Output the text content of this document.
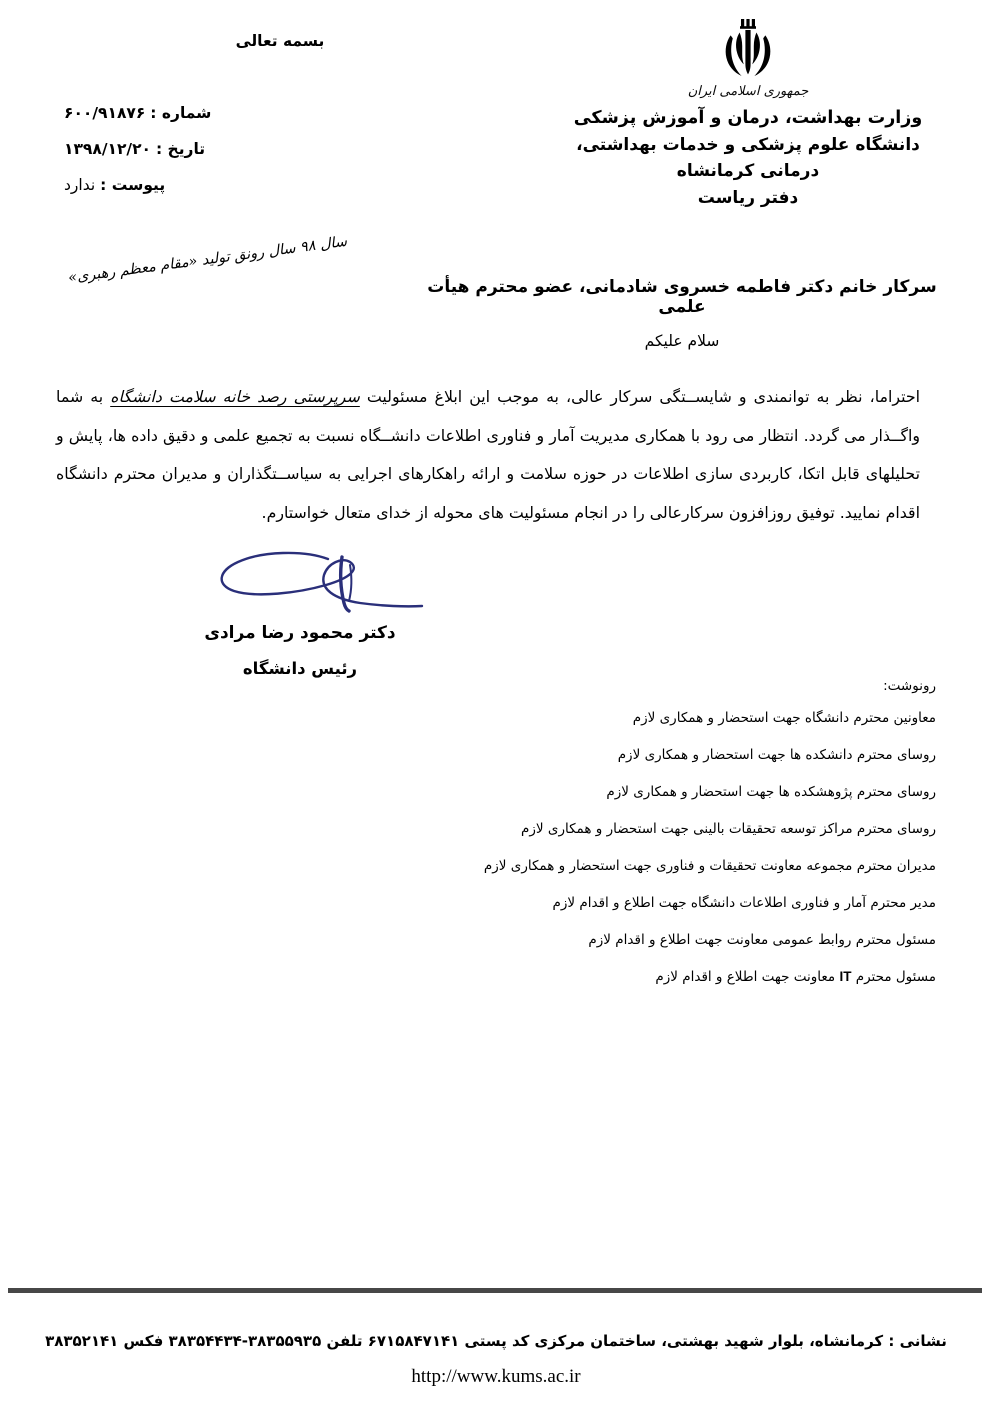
بسمه تعالی
جمهوری اسلامی ایران
وزارت بهداشت، درمان و آموزش پزشکی
دانشگاه علوم پزشکی و خدمات بهداشتی، درمانی کرمانشاه
دفتر ریاست
شماره : ۶۰۰/۹۱۸۷۶
تاریخ : ۱۳۹۸/۱۲/۲۰
پیوست : ندارد
سال ۹۸ سال رونق تولید «مقام معظم رهبری»
سرکار خانم دکتر فاطمه خسروی شادمانی، عضو محترم هیأت علمی
سلام علیکم

احتراما، نظر به توانمندی و شایســتگی سرکار عالی، به موجب این ابلاغ مسئولیت سرپرستی رصد خانه سلامت دانشگاه به شما واگــذار می گردد. انتظار می رود با همکاری مدیریت آمار و فناوری اطلاعات دانشــگاه نسبت به تجمیع علمی و دقیق داده ها، پایش و تحلیلهای قابل اتکا، کاربردی سازی اطلاعات در حوزه سلامت و ارائه راهکارهای اجرایی به سیاســتگذاران و مدیران محترم دانشگاه اقدام نمایید. توفیق روزافزون سرکارعالی را در انجام مسئولیت های محوله از خدای متعال خواستارم.

دکتر محمود رضا مرادی
رئیس دانشگاه
رونوشت:
معاونین محترم دانشگاه جهت استحضار و همکاری لازم
روسای محترم دانشکده ها جهت استحضار و همکاری لازم
روسای محترم پژوهشکده ها جهت استحضار و همکاری لازم
روسای محترم مراکز توسعه تحقیقات بالینی جهت استحضار و همکاری لازم
مدیران محترم مجموعه معاونت تحقیقات و فناوری جهت استحضار و همکاری لازم
مدیر محترم آمار و فناوری اطلاعات دانشگاه جهت اطلاع و اقدام لازم
مسئول محترم روابط عمومی معاونت جهت اطلاع و اقدام لازم
مسئول محترم IT معاونت جهت اطلاع و اقدام لازم
نشانی : کرمانشاه، بلوار شهید بهشتی، ساختمان مرکزی کد پستی ۶۷۱۵۸۴۷۱۴۱ تلفن ۳۸۳۵۵۹۳۵-۳۸۳۵۴۴۳۴ فکس ۳۸۳۵۲۱۴۱
http://www.kums.ac.ir
